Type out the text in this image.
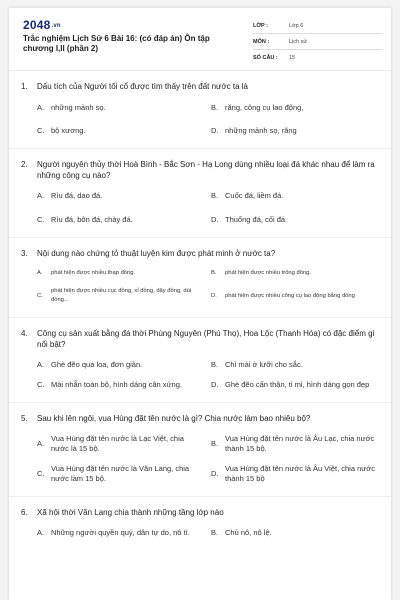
2048.vn
Trắc nghiệm Lịch Sử 6 Bài 16: (có đáp án) Ôn tập chương I,II (phần 2)
LỚP :	Lớp 6
MÔN :	Lịch sử
SỐ CÂU :	15
1.	Dấu tích của Người tối cổ được tìm thấy trên đất nước ta là
A. những mảnh sọ.	B. răng, công cụ lao động,
C. bộ xương.	D. những mảnh sọ, răng
2.	Người nguyên thủy thời Hoà Bình - Bắc Sơn - Hạ Long dùng nhiều loại đá khác nhau để làm ra những công cụ nào?
A. Rìu đá, dao đá.	B. Cuốc đá, liềm đá.
C. Rìu đá, bôn đá, chày đá.	D. Thuổng đá, cối đá.
3.	Nội dung nào chứng tỏ thuật luyện kim được phát minh ở nước ta?
A.	phát hiện được nhiều thạp đồng.	B.	phát hiện được nhiều trống đồng.
C.
phát hiện được nhiều cục đồng, xỉ đồng, dây đồng, dùi đồng...
D.	phát hiện được nhiều công cụ lao động bằng đồng
4.	Công cụ sản xuất bằng đá thời Phùng Nguyên (Phú Thọ), Hoa Lộc (Thanh Hóa) có đặc điểm gì nổi bật?
A. Ghè đẽo qua loa, đơn giản.	B. Chỉ mài ở lưỡi cho sắc.
C. Mài nhẵn toàn bộ, hình dáng cân xứng.	D. Ghè đẽo cẩn thận, tỉ mỉ, hình dáng gọn đẹp
5.	Sau khi lên ngôi, vua Hùng đặt tên nước là gì? Chia nước làm bao nhiêu bộ?
A.
Vua Hùng đặt tên nước là Lạc Việt, chia nước là 15 bộ.
B.
Vua Hùng đặt tên nước là Âu Lạc, chia nước thành 15 bộ.
C.
Vua Hùng đặt tên nước là Văn Lang, chia nước làm 15 bộ.
D.
Vua Hùng đặt tên nước là Âu Việt, chia nước thành 15 bộ
6.	Xã hội thời Văn Lang chia thành những tầng lớp nào
A. Những người quyền quý, dân tự do, nô tì.	B. Chủ nô, nô lệ.
